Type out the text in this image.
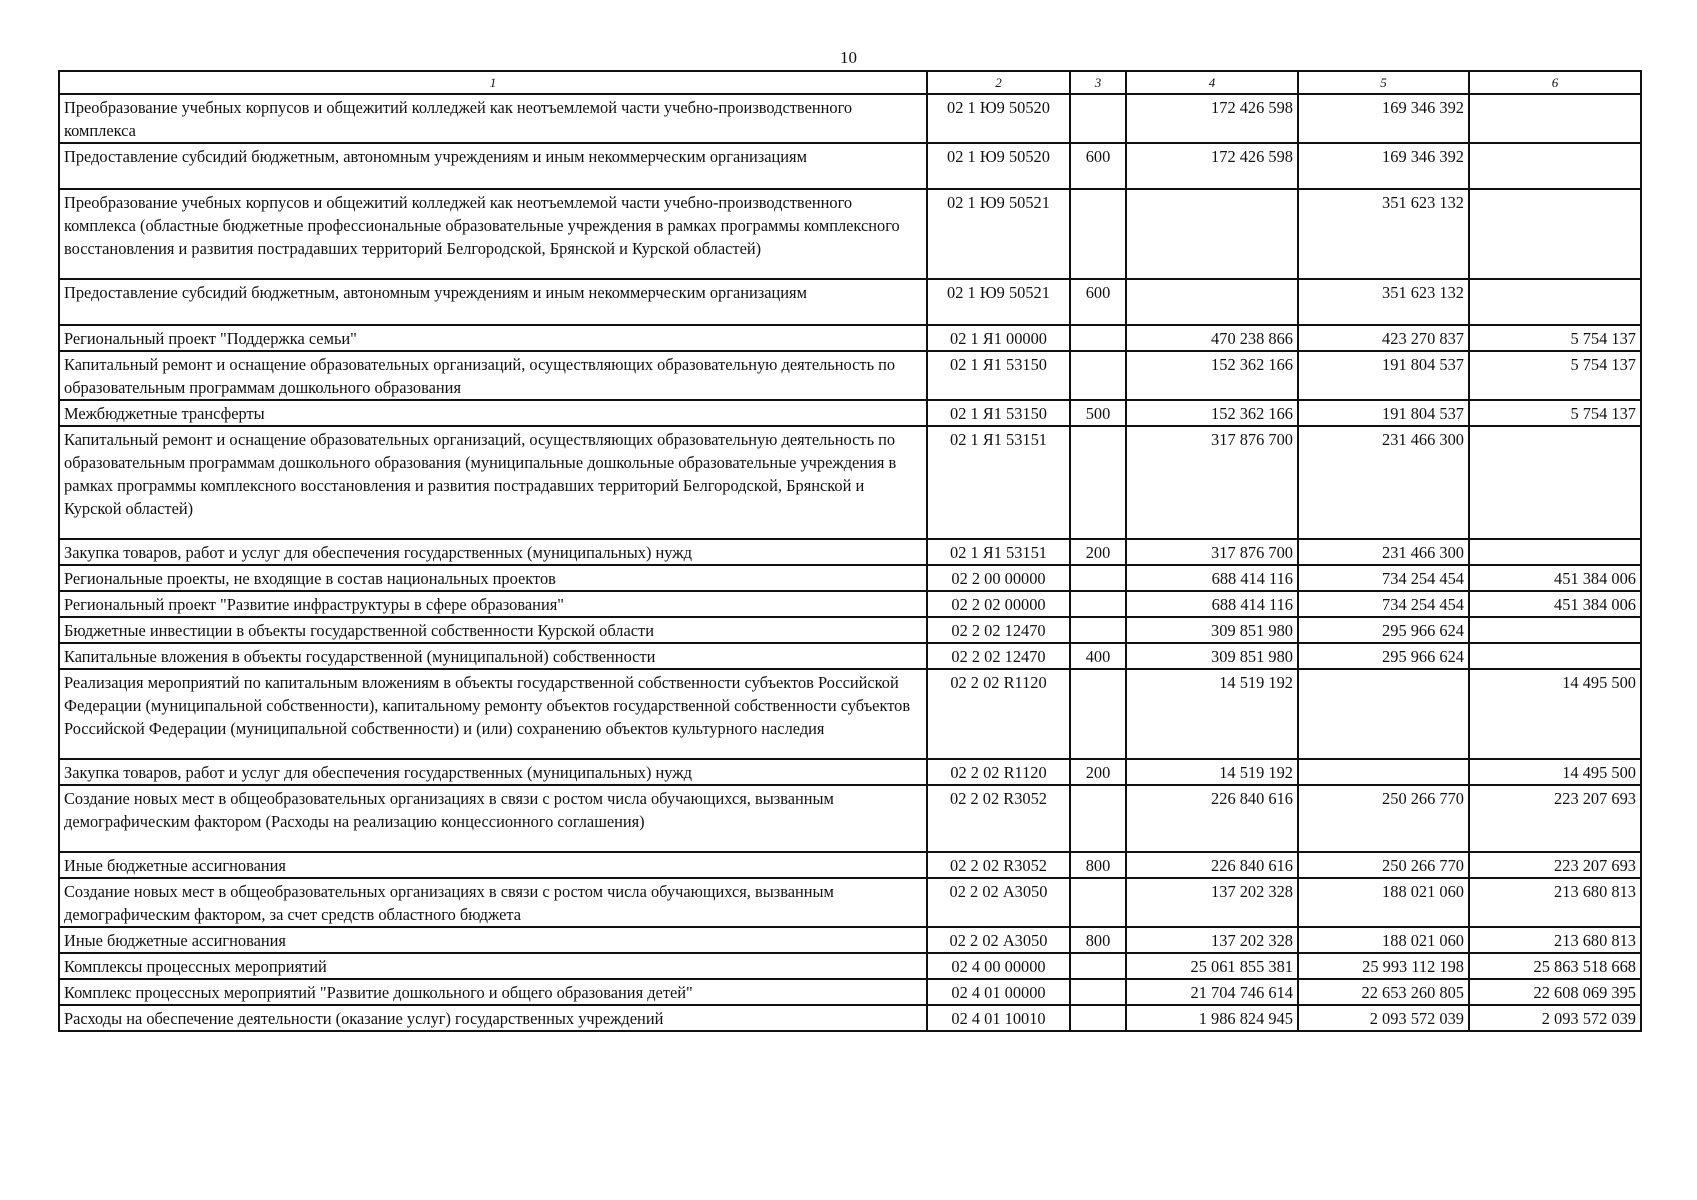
10
1	2	3	4	5	6
Преобразование учебных корпусов и общежитий колледжей как неотъемлемой части учебно-производственного комплекса	02 1 Ю9 50520		172 426 598	169 346 392	
Предоставление субсидий бюджетным, автономным учреждениям и иным некоммерческим организациям	02 1 Ю9 50520	600	172 426 598	169 346 392	
Преобразование учебных корпусов и общежитий колледжей как неотъемлемой части учебно-производственного комплекса (областные бюджетные профессиональные образовательные учреждения в рамках программы комплексного восстановления и развития пострадавших территорий Белгородской, Брянской и Курской областей)	02 1 Ю9 50521			351 623 132	
Предоставление субсидий бюджетным, автономным учреждениям и иным некоммерческим организациям	02 1 Ю9 50521	600		351 623 132	
Региональный проект "Поддержка семьи"	02 1 Я1 00000		470 238 866	423 270 837	5 754 137
Капитальный ремонт и оснащение образовательных организаций, осуществляющих образовательную деятельность по образовательным программам дошкольного образования	02 1 Я1 53150		152 362 166	191 804 537	5 754 137
Межбюджетные трансферты	02 1 Я1 53150	500	152 362 166	191 804 537	5 754 137
Капитальный ремонт и оснащение образовательных организаций, осуществляющих образовательную деятельность по образовательным программам дошкольного образования (муниципальные дошкольные образовательные учреждения в рамках программы комплексного восстановления и развития пострадавших территорий Белгородской, Брянской и Курской областей)	02 1 Я1 53151		317 876 700	231 466 300	
Закупка товаров, работ и услуг для обеспечения государственных (муниципальных) нужд	02 1 Я1 53151	200	317 876 700	231 466 300	
Региональные проекты, не входящие в состав национальных проектов	02 2 00 00000		688 414 116	734 254 454	451 384 006
Региональный проект "Развитие инфраструктуры в сфере образования"	02 2 02 00000		688 414 116	734 254 454	451 384 006
Бюджетные инвестиции в объекты государственной собственности Курской области	02 2 02 12470		309 851 980	295 966 624	
Капитальные вложения в объекты государственной (муниципальной) собственности	02 2 02 12470	400	309 851 980	295 966 624	
Реализация мероприятий по капитальным вложениям в объекты государственной собственности субъектов Российской Федерации (муниципальной собственности), капитальному ремонту объектов государственной собственности субъектов Российской Федерации (муниципальной собственности) и (или) сохранению объектов культурного наследия	02 2 02 R1120		14 519 192		14 495 500
Закупка товаров, работ и услуг для обеспечения государственных (муниципальных) нужд	02 2 02 R1120	200	14 519 192		14 495 500
Создание новых мест в общеобразовательных организациях в связи с ростом числа обучающихся, вызванным демографическим фактором (Расходы на реализацию концессионного соглашения)	02 2 02 R3052		226 840 616	250 266 770	223 207 693
Иные бюджетные ассигнования	02 2 02 R3052	800	226 840 616	250 266 770	223 207 693
Создание новых мест в общеобразовательных организациях в связи с ростом числа обучающихся, вызванным демографическим фактором, за счет средств областного бюджета	02 2 02 А3050		137 202 328	188 021 060	213 680 813
Иные бюджетные ассигнования	02 2 02 А3050	800	137 202 328	188 021 060	213 680 813
Комплексы процессных мероприятий	02 4 00 00000		25 061 855 381	25 993 112 198	25 863 518 668
Комплекс процессных мероприятий "Развитие дошкольного и общего образования детей"	02 4 01 00000		21 704 746 614	22 653 260 805	22 608 069 395
Расходы на обеспечение деятельности (оказание услуг) государственных учреждений	02 4 01 10010		1 986 824 945	2 093 572 039	2 093 572 039
